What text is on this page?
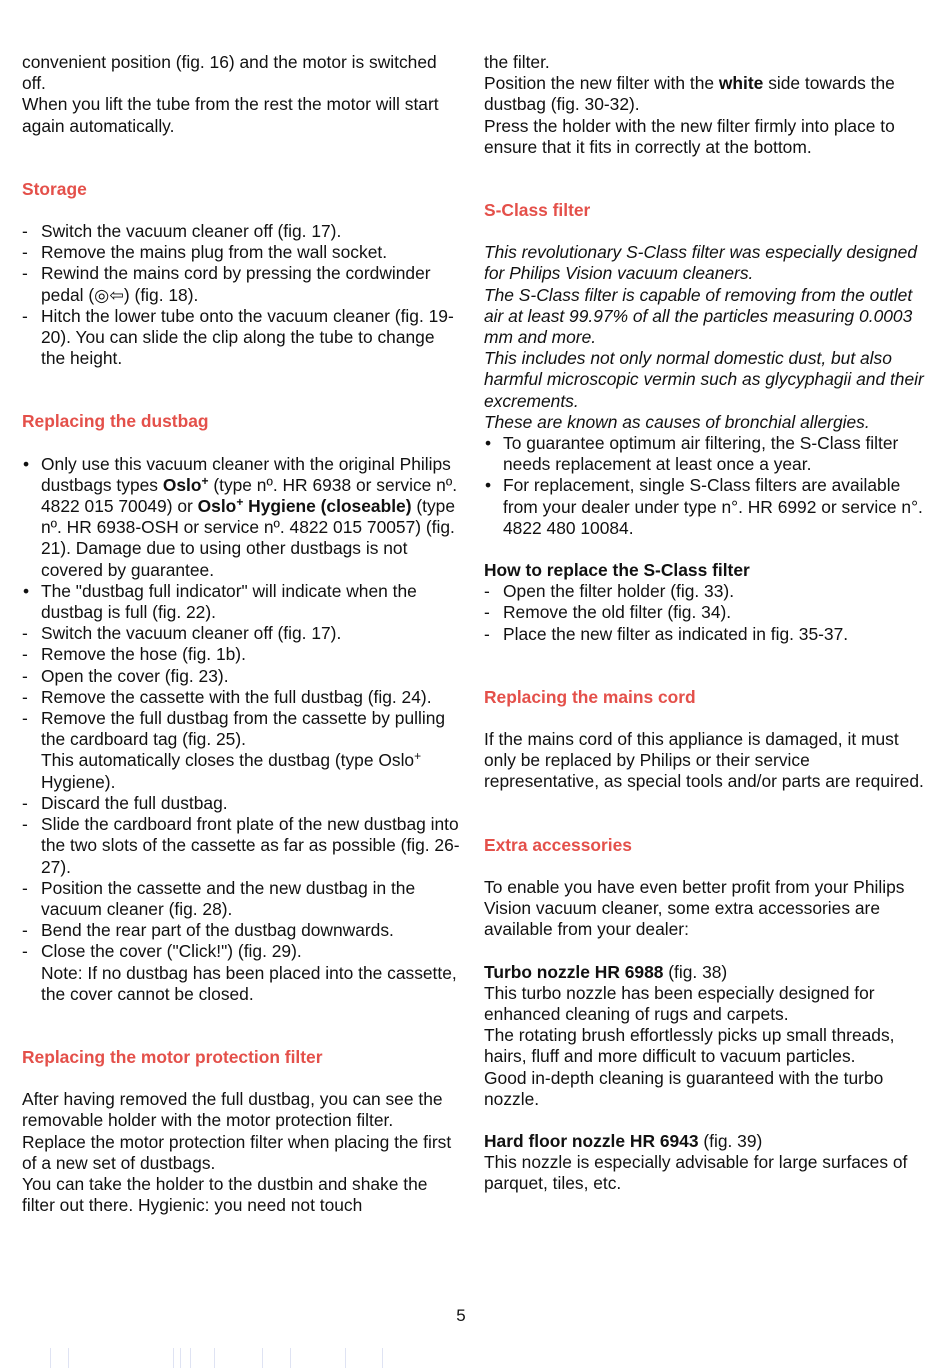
convenient position (fig. 16) and the motor is switched off.

When you lift the tube from the rest the motor will start again automatically.

Storage

- Switch the vacuum cleaner off (fig. 17).
- Remove the mains plug from the wall socket.
- Rewind the mains cord by pressing the cordwinder pedal (◎⇦) (fig. 18).
- Hitch the lower tube onto the vacuum cleaner (fig. 19-20). You can slide the clip along the tube to change the height.

Replacing the dustbag

• Only use this vacuum cleaner with the original Philips dustbags types Oslo+ (type nº. HR 6938 or service nº. 4822 015 70049) or Oslo+ Hygiene (closeable) (type nº. HR 6938-OSH or service nº. 4822 015 70057) (fig. 21). Damage due to using other dustbags is not covered by guarantee.
• The "dustbag full indicator" will indicate when the dustbag is full (fig. 22).
- Switch the vacuum cleaner off (fig. 17).
- Remove the hose (fig. 1b).
- Open the cover (fig. 23).
- Remove the cassette with the full dustbag (fig. 24).
- Remove the full dustbag from the cassette by pulling the cardboard tag (fig. 25).
This automatically closes the dustbag (type Oslo+ Hygiene).
- Discard the full dustbag.
- Slide the cardboard front plate of the new dustbag into the two slots of the cassette as far as possible (fig. 26-27).
- Position the cassette and the new dustbag in the vacuum cleaner (fig. 28).
- Bend the rear part of the dustbag downwards.
- Close the cover ("Click!") (fig. 29).
Note: If no dustbag has been placed into the cassette, the cover cannot be closed.

Replacing the motor protection filter

After having removed the full dustbag, you can see the removable holder with the motor protection filter.

Replace the motor protection filter when placing the first of a new set of dustbags.

You can take the holder to the dustbin and shake the filter out there. Hygienic: you need not touch

the filter.

Position the new filter with the white side towards the dustbag (fig. 30-32).

Press the holder with the new filter firmly into place to ensure that it fits in correctly at the bottom.

S-Class filter

This revolutionary S-Class filter was especially designed for Philips Vision vacuum cleaners.

The S-Class filter is capable of removing from the outlet air at least 99.97% of all the particles measuring 0.0003 mm and more.

This includes not only normal domestic dust, but also harmful microscopic vermin such as glycyphagii and their excrements.

These are known as causes of bronchial allergies.

• To guarantee optimum air filtering, the S-Class filter needs replacement at least once a year.
• For replacement, single S-Class filters are available from your dealer under type n°. HR 6992 or service n°. 4822 480 10084.

How to replace the S-Class filter

- Open the filter holder (fig. 33).
- Remove the old filter (fig. 34).
- Place the new filter as indicated in fig. 35-37.

Replacing the mains cord

If the mains cord of this appliance is damaged, it must only be replaced by Philips or their service representative, as special tools and/or parts are required.

Extra accessories

To enable you have even better profit from your Philips Vision vacuum cleaner, some extra accessories are available from your dealer:

Turbo nozzle HR 6988 (fig. 38)

This turbo nozzle has been especially designed for enhanced cleaning of rugs and carpets.

The rotating brush effortlessly picks up small threads, hairs, fluff and more difficult to vacuum particles.

Good in-depth cleaning is guaranteed with the turbo nozzle.

Hard floor nozzle HR 6943 (fig. 39)

This nozzle is especially advisable for large surfaces of parquet, tiles, etc.

5
